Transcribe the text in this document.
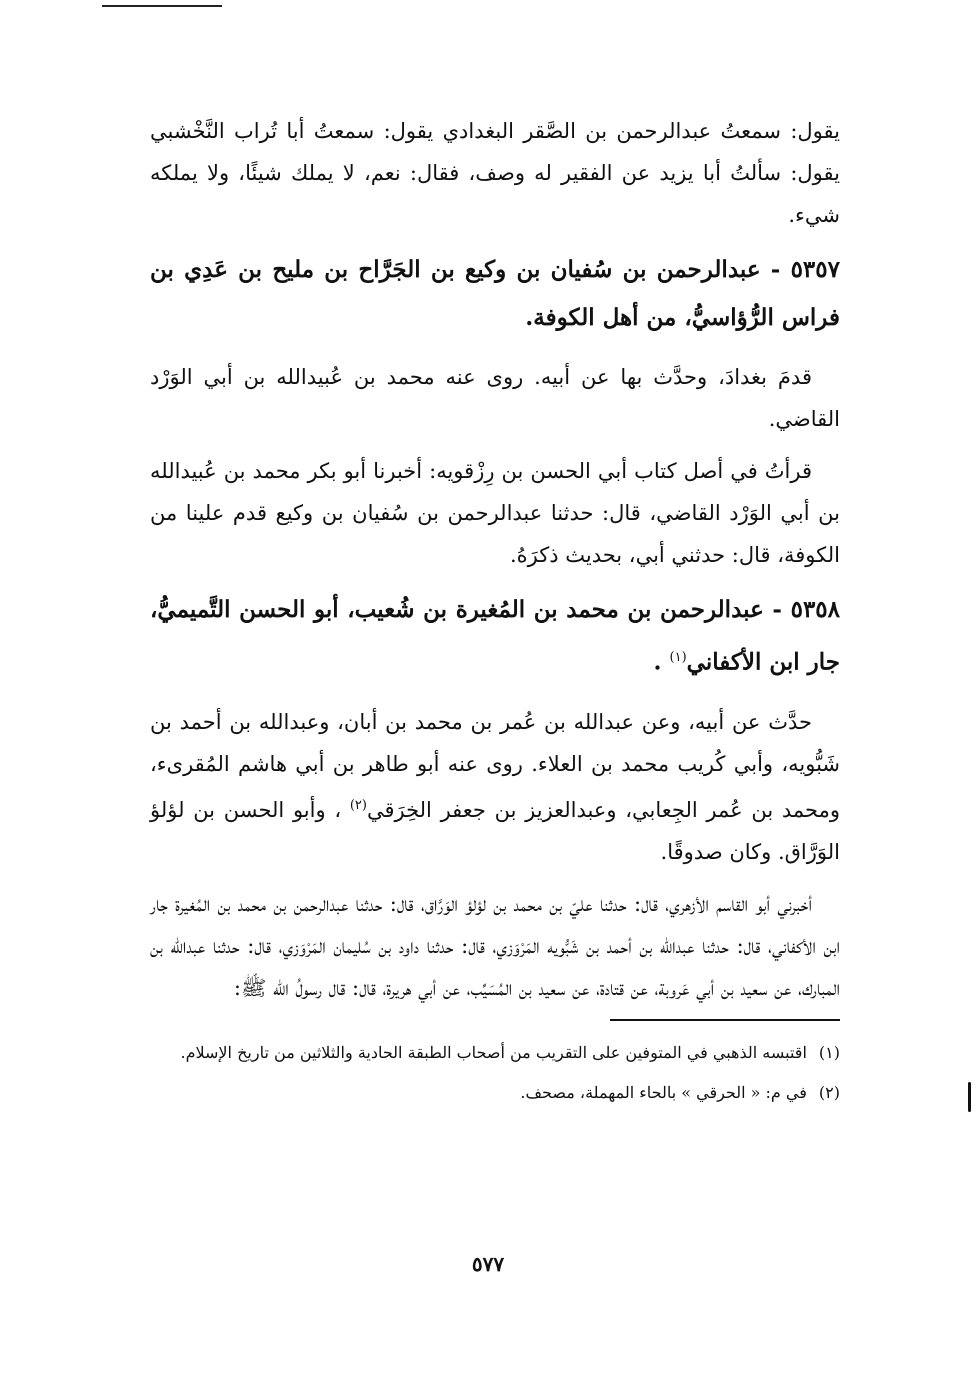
يقول: سمعتُ عبدالرحمن بن الصَّقر البغدادي يقول: سمعتُ أبا تُراب النَّخْشبي يقول: سألتُ أبا يزيد عن الفقير له وصف، فقال: نعم، لا يملك شيئًا، ولا يملكه شيء.

٥٣٥٧ - عبدالرحمن بن سُفيان بن وكيع بن الجَرَّاح بن مليح بن عَدِي بن فراس الرُّؤاسيُّ، من أهل الكوفة.

قدمَ بغدادَ، وحدَّث بها عن أبيه. روى عنه محمد بن عُبيدالله بن أبي الوَرْد القاضي.

قرأتُ في أصل كتاب أبي الحسن بن رِزْقويه: أخبرنا أبو بكر محمد بن عُبيدالله بن أبي الوَرْد القاضي، قال: حدثنا عبدالرحمن بن سُفيان بن وكيع قدم علينا من الكوفة، قال: حدثني أبي، بحديث ذكرَهُ.

٥٣٥٨ - عبدالرحمن بن محمد بن المُغيرة بن شُعيب، أبو الحسن التَّميميُّ، جار ابن الأكفاني$^{(١)}$ .

حدَّث عن أبيه، وعن عبدالله بن عُمر بن محمد بن أبان، وعبدالله بن أحمد بن شَبُّويه، وأبي كُريب محمد بن العلاء. روى عنه أبو طاهر بن أبي هاشم المُقرىء، ومحمد بن عُمر الجِعابي، وعبدالعزيز بن جعفر الخِرَقي$^{(٢)}$ ، وأبو الحسن بن لؤلؤ الوَرَّاق. وكان صدوقًا.

أخبرني أبو القاسم الأزهري، قال: حدثنا عليّ بن محمد بن لؤلؤ الوَرَّاق، قال: حدثنا عبدالرحمن بن محمد بن المُغيرة جار ابن الأكفاني، قال: حدثنا عبدالله بن أحمد بن شَبُّويه المَرْوَزي، قال: حدثنا داود بن سُليمان المَرْوَزي، قال: حدثنا عبدالله بن المبارك، عن سعيد بن أبي عَروبة، عن قتادة، عن سعيد بن المُسَيِّب، عن أبي هريرة، قال: قال رسولُ الله ﷺ:

(١)اقتبسه الذهبي في المتوفين على التقريب من أصحاب الطبقة الحادية والثلاثين من تاريخ الإسلام.
(٢)في م: « الحرقي » بالحاء المهملة، مصحف.
٥٧٧
